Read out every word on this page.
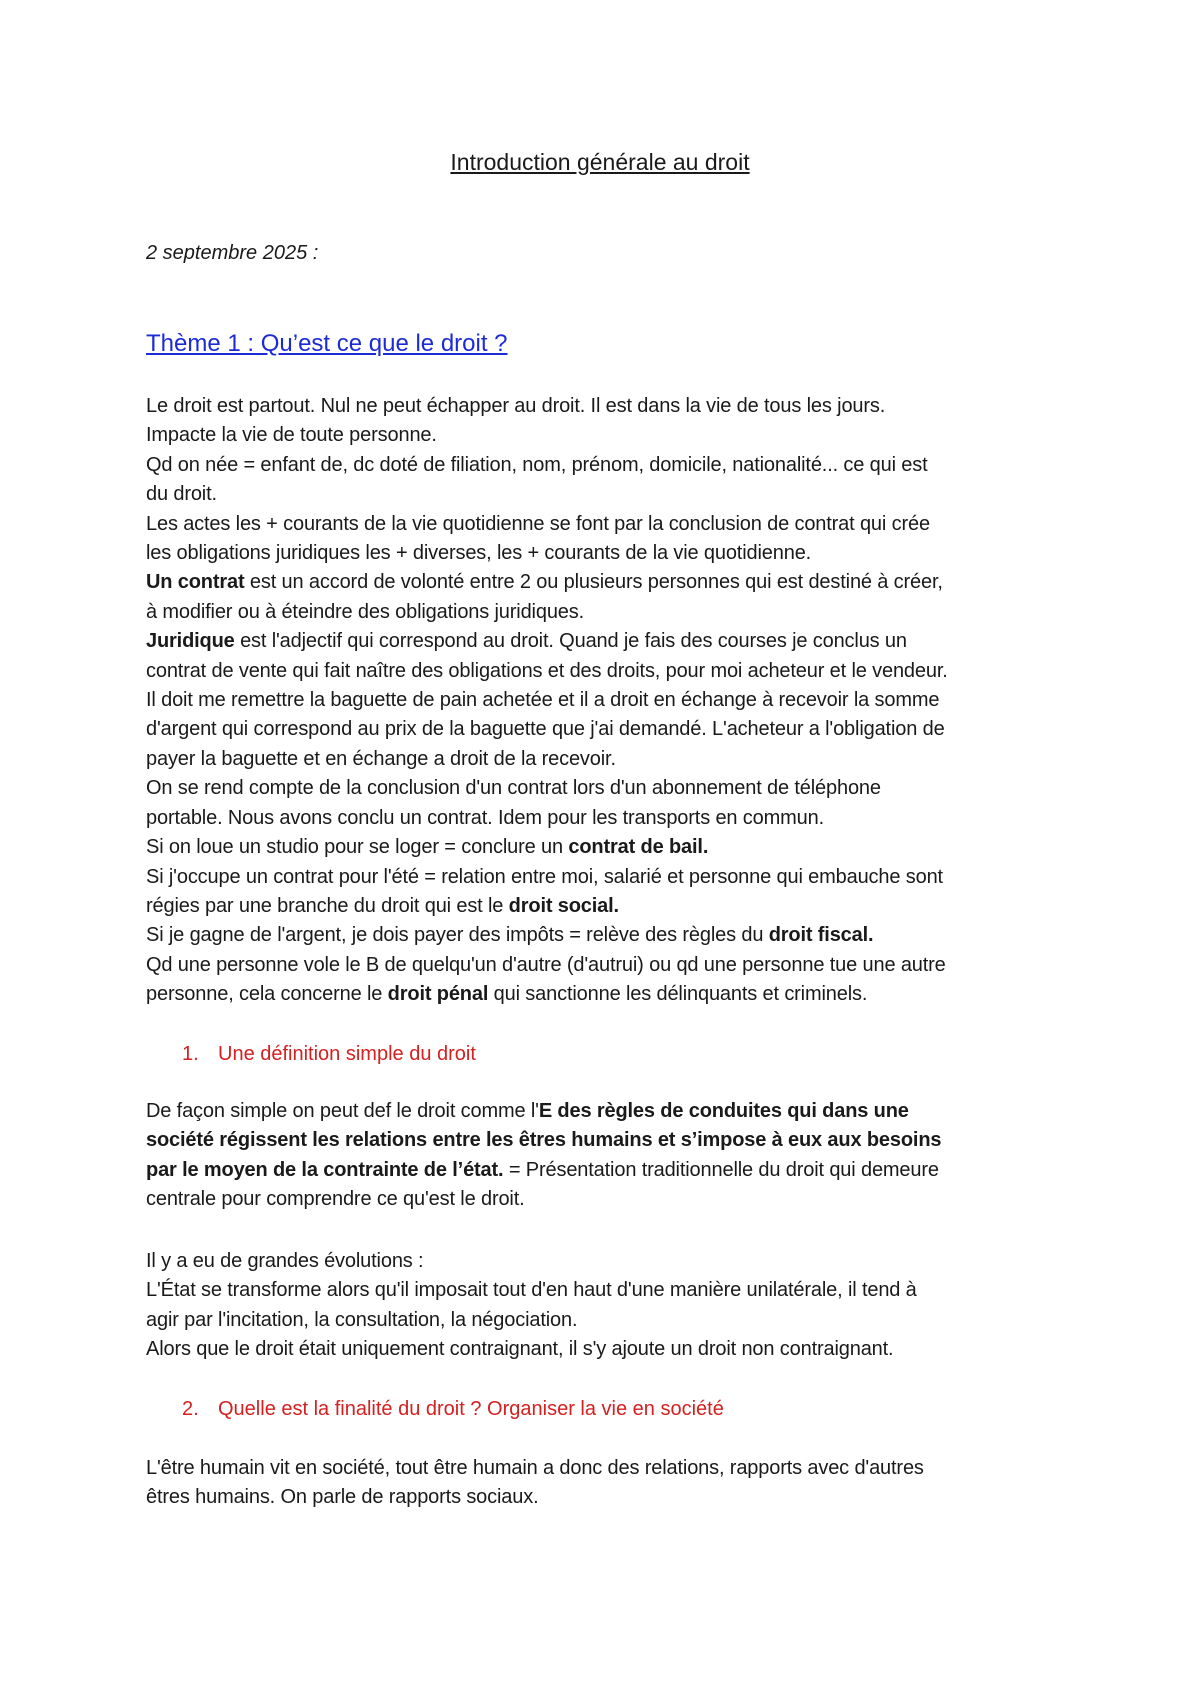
Introduction générale au droit
2 septembre 2025 :
Thème 1 : Qu’est ce que le droit ?
Le droit est partout. Nul ne peut échapper au droit. Il est dans la vie de tous les jours.
Impacte la vie de toute personne.
Qd on née = enfant de, dc doté de filiation, nom, prénom, domicile, nationalité... ce qui est
du droit.
Les actes les + courants de la vie quotidienne se font par la conclusion de contrat qui crée
les obligations juridiques les + diverses, les + courants de la vie quotidienne.
Un contrat est un accord de volonté entre 2 ou plusieurs personnes qui est destiné à créer,
à modifier ou à éteindre des obligations juridiques.
Juridique est l'adjectif qui correspond au droit. Quand je fais des courses je conclus un
contrat de vente qui fait naître des obligations et des droits, pour moi acheteur et le vendeur.
Il doit me remettre la baguette de pain achetée et il a droit en échange à recevoir la somme
d'argent qui correspond au prix de la baguette que j'ai demandé. L'acheteur a l'obligation de
payer la baguette et en échange a droit de la recevoir.
On se rend compte de la conclusion d'un contrat lors d'un abonnement de téléphone
portable. Nous avons conclu un contrat. Idem pour les transports en commun.
Si on loue un studio pour se loger = conclure un contrat de bail.
Si j'occupe un contrat pour l'été = relation entre moi, salarié et personne qui embauche sont
régies par une branche du droit qui est le droit social.
Si je gagne de l'argent, je dois payer des impôts = relève des règles du droit fiscal.
Qd une personne vole le B de quelqu'un d'autre (d'autrui) ou qd une personne tue une autre
personne, cela concerne le droit pénal qui sanctionne les délinquants et criminels.
1. Une définition simple du droit
De façon simple on peut def le droit comme l'E des règles de conduites qui dans une
société régissent les relations entre les êtres humains et s’impose à eux aux besoins
par le moyen de la contrainte de l’état. = Présentation traditionnelle du droit qui demeure
centrale pour comprendre ce qu'est le droit.
Il y a eu de grandes évolutions :
L'État se transforme alors qu'il imposait tout d'en haut d'une manière unilatérale, il tend à
agir par l'incitation, la consultation, la négociation.
Alors que le droit était uniquement contraignant, il s'y ajoute un droit non contraignant.
2. Quelle est la finalité du droit ? Organiser la vie en société
L'être humain vit en société, tout être humain a donc des relations, rapports avec d'autres
êtres humains. On parle de rapports sociaux.
